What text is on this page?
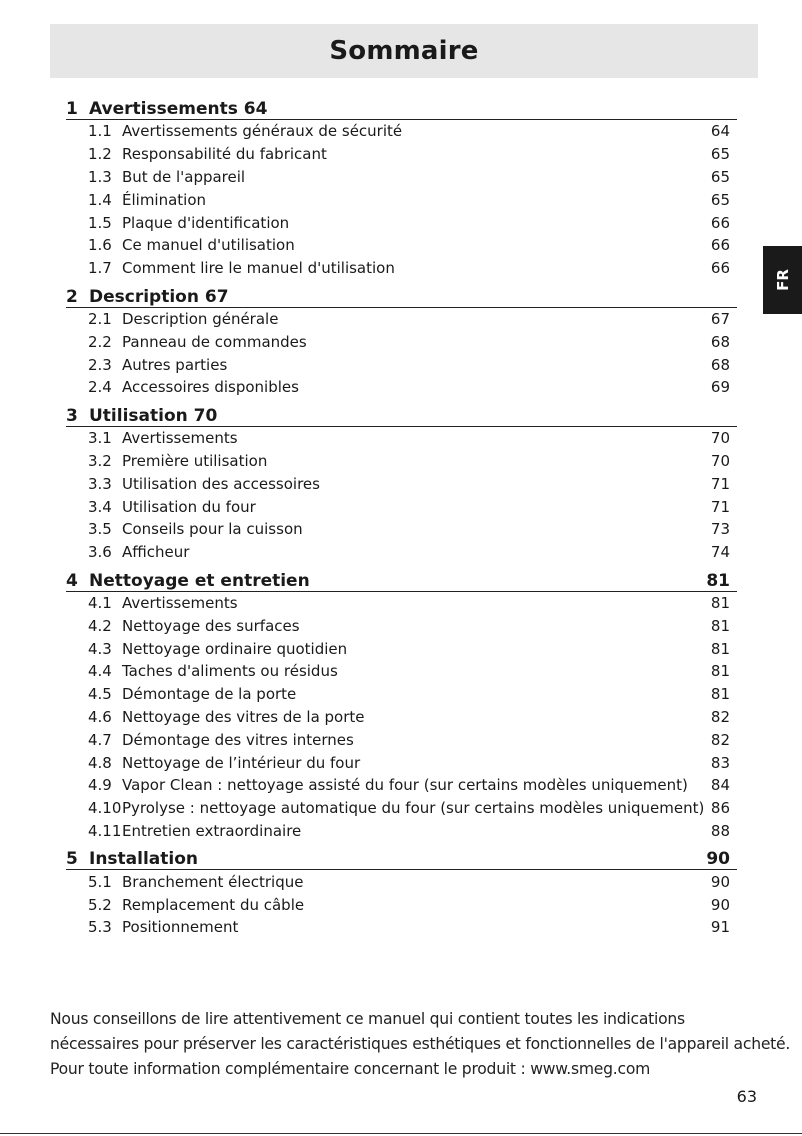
Sommaire
FR
1 Avertissements 64
1.1 Avertissements généraux de sécurité	64
1.2 Responsabilité du fabricant	65
1.3 But de l'appareil	65
1.4 Élimination	65
1.5 Plaque d'identification	66
1.6 Ce manuel d'utilisation	66
1.7 Comment lire le manuel d'utilisation	66
2 Description 67
2.1 Description générale	67
2.2 Panneau de commandes	68
2.3 Autres parties	68
2.4 Accessoires disponibles	69
3 Utilisation 70
3.1 Avertissements	70
3.2 Première utilisation	70
3.3 Utilisation des accessoires	71
3.4 Utilisation du four	71
3.5 Conseils pour la cuisson	73
3.6 Afficheur	74
4 Nettoyage et entretien	81
4.1 Avertissements	81
4.2 Nettoyage des surfaces	81
4.3 Nettoyage ordinaire quotidien	81
4.4 Taches d'aliments ou résidus	81
4.5 Démontage de la porte	81
4.6 Nettoyage des vitres de la porte	82
4.7 Démontage des vitres internes	82
4.8 Nettoyage de l’intérieur du four	83
4.9 Vapor Clean : nettoyage assisté du four (sur certains modèles uniquement)	84
4.10 Pyrolyse : nettoyage automatique du four (sur certains modèles uniquement) 86
4.11 Entretien extraordinaire	88
5 Installation	90
5.1 Branchement électrique	90
5.2 Remplacement du câble	90
5.3 Positionnement	91

Nous conseillons de lire attentivement ce manuel qui contient toutes les indications

nécessaires pour préserver les caractéristiques esthétiques et fonctionnelles de l'appareil acheté.

Pour toute information complémentaire concernant le produit : www.smeg.com

63
